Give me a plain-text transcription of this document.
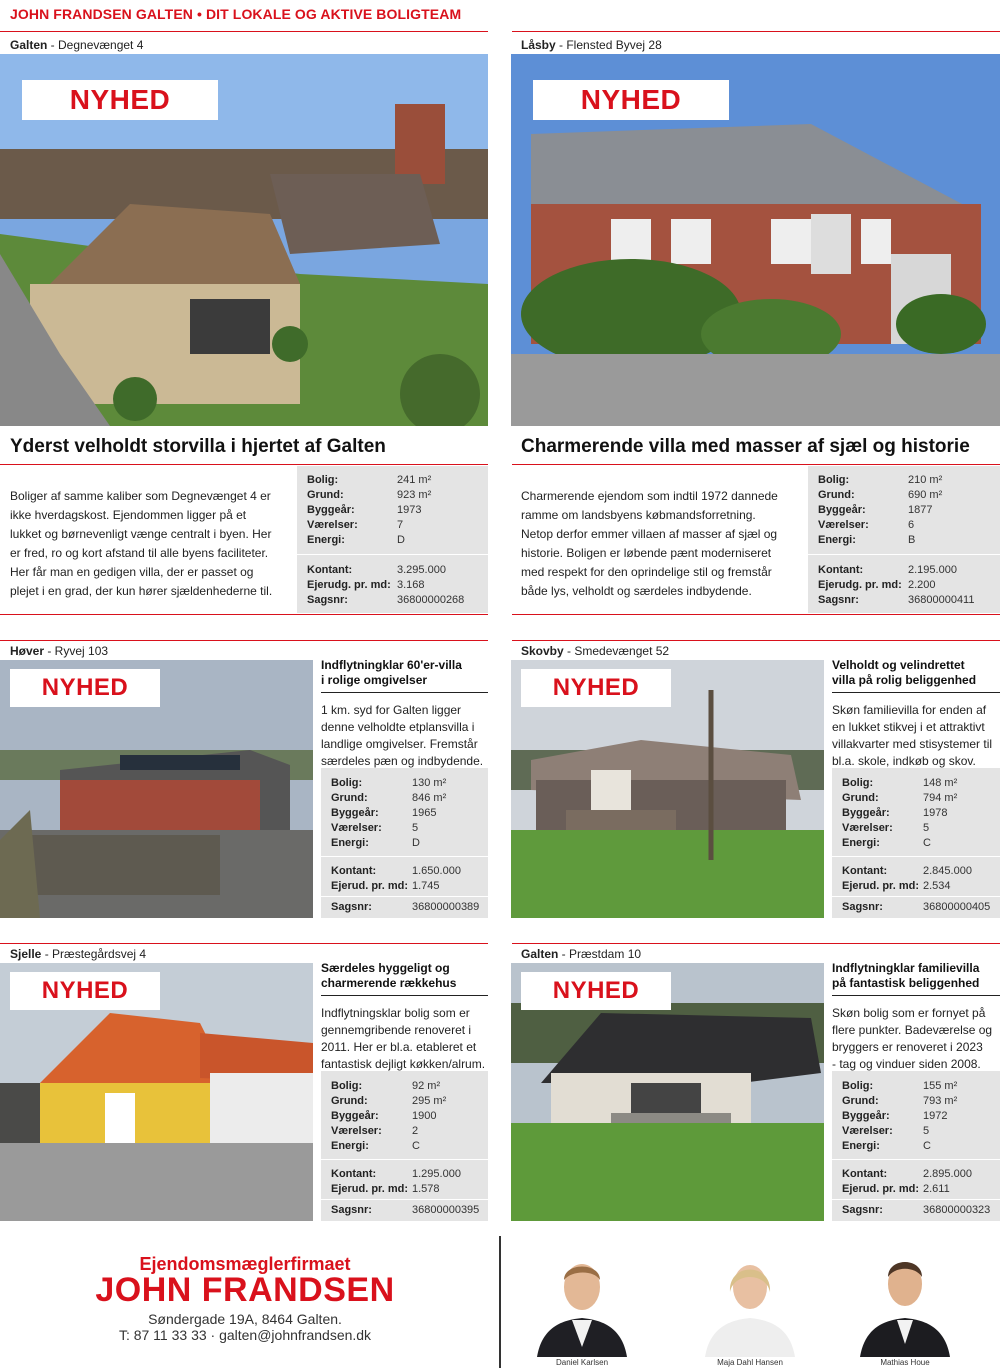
JOHN FRANDSEN GALTEN • DIT LOKALE OG AKTIVE BOLIGTEAM
Galten - Degnevænget 4
NYHED
Yderst velholdt storvilla i hjertet af Galten
Boliger af samme kaliber som Degnevænget 4 er
ikke hverdagskost. Ejendommen ligger på et
lukket og børnevenligt vænge centralt i byen. Her
er fred, ro og kort afstand til alle byens faciliteter.
Her får man en gedigen villa, der er passet og
plejet i en grad, der kun hører sjældenhederne til.
Bolig:	241 m²
Grund:	923 m²
Byggeår:	1973
Værelser:	7
Energi:	D
Kontant:	3.295.000
Ejerudg. pr. md: 3.168
Sagsnr:	36800000268
Låsby - Flensted Byvej 28
NYHED
Charmerende villa med masser af sjæl og historie
Charmerende ejendom som indtil 1972 dannede
ramme om landsbyens købmandsforretning.
Netop derfor emmer villaen af masser af sjæl og
historie. Boligen er løbende pænt moderniseret
med respekt for den oprindelige stil og fremstår
både lys, velholdt og særdeles indbydende.
Bolig:	210 m²
Grund:	690 m²
Byggeår:	1877
Værelser:	6
Energi:	B
Kontant:	2.195.000
Ejerudg. pr. md: 2.200
Sagsnr:	36800000411
Høver - Ryvej 103
NYHED
Indflytningklar 60'er-villa
i rolige omgivelser
1 km. syd for Galten ligger
denne velholdte etplansvilla i
landlige omgivelser. Fremstår
særdeles pæn og indbydende.
Bolig:	130 m²
Grund:	846 m²
Byggeår:	1965
Værelser:	5
Energi:	D
Kontant:	1.650.000
Ejerud. pr. md: 1.745
Sagsnr:	36800000389
Skovby - Smedevænget 52
NYHED
Velholdt og velindrettet
villa på rolig beliggenhed
Skøn familievilla for enden af
en lukket stikvej i et attraktivt
villakvarter med stisystemer til
bl.a. skole, indkøb og skov.
Bolig:	148 m²
Grund:	794 m²
Byggeår:	1978
Værelser:	5
Energi:	C
Kontant:	2.845.000
Ejerud. pr. md: 2.534
Sagsnr:	36800000405
Sjelle - Præstegårdsvej 4
NYHED
Særdeles hyggeligt og
charmerende rækkehus
Indflytningsklar bolig som er
gennemgribende renoveret i
2011. Her er bl.a. etableret et
fantastisk dejligt køkken/alrum.
Bolig:	92 m²
Grund:	295 m²
Byggeår:	1900
Værelser:	2
Energi:	C
Kontant:	1.295.000
Ejerud. pr. md: 1.578
Sagsnr:	36800000395
Galten - Præstdam 10
NYHED
Indflytningklar familievilla
på fantastisk beliggenhed
Skøn bolig som er fornyet på
flere punkter. Badeværelse og
bryggers er renoveret i 2023
- tag og vinduer siden 2008.
Bolig:	155 m²
Grund:	793 m²
Byggeår:	1972
Værelser:	5
Energi:	C
Kontant:	2.895.000
Ejerud. pr. md: 2.611
Sagsnr:	36800000323
Ejendomsmæglerfirmaet
JOHN FRANDSEN
Søndergade 19A, 8464 Galten.
T: 87 11 33 33 · galten@johnfrandsen.dk
Daniel Karlsen	Maja Dahl Hansen	Mathias Houe
